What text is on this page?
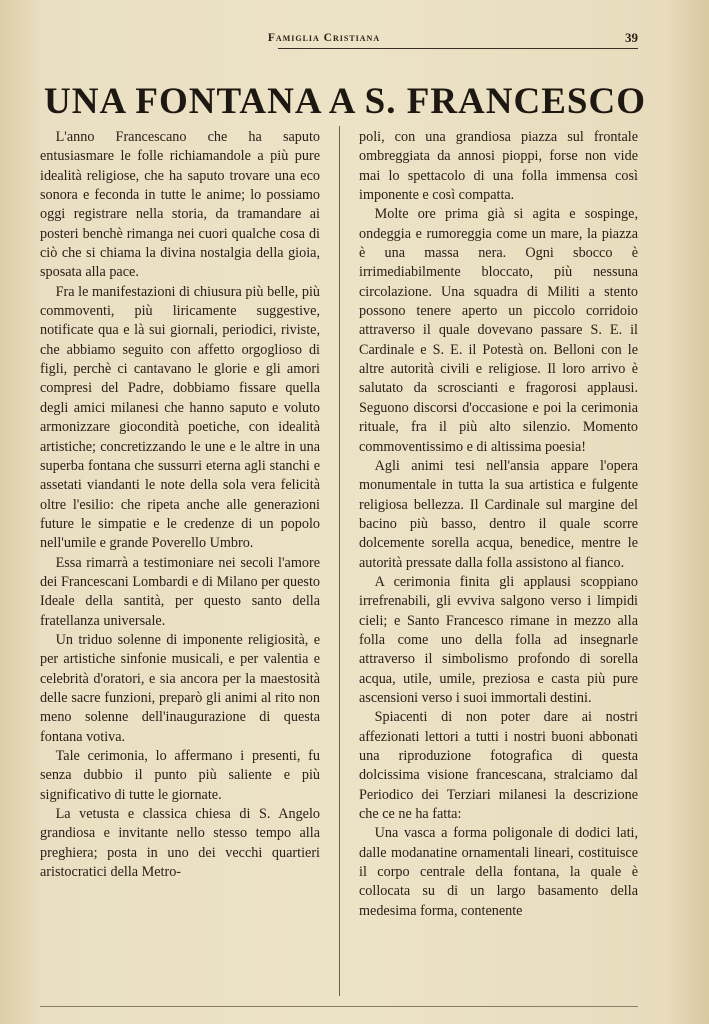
Famiglia Cristiana	39
UNA FONTANA A S. FRANCESCO

L'anno Francescano che ha saputo entusiasmare le folle richiamandole a più pure idealità religiose, che ha saputo trovare una eco sonora e feconda in tutte le anime; lo possiamo oggi registrare nella storia, da tramandare ai posteri benchè rimanga nei cuori qualche cosa di ciò che si chiama la divina nostalgia della gioia, sposata alla pace.

Fra le manifestazioni di chiusura più belle, più commoventi, più liricamente suggestive, notificate qua e là sui giornali, periodici, riviste, che abbiamo seguito con affetto orgoglioso di figli, perchè ci cantavano le glorie e gli amori compresi del Padre, dobbiamo fissare quella degli amici milanesi che hanno saputo e voluto armonizzare giocondità poetiche, con idealità artistiche; concretizzando le une e le altre in una superba fontana che sussurri eterna agli stanchi e assetati viandanti le note della sola vera felicità oltre l'esilio: che ripeta anche alle generazioni future le simpatie e le credenze di un popolo nell'umile e grande Poverello Umbro.

Essa rimarrà a testimoniare nei secoli l'amore dei Francescani Lombardi e di Milano per questo Ideale della santità, per questo santo della fratellanza universale.

Un triduo solenne di imponente religiosità, e per artistiche sinfonie musicali, e per valentia e celebrità d'oratori, e sia ancora per la maestosità delle sacre funzioni, preparò gli animi al rito non meno solenne dell'inaugurazione di questa fontana votiva.

Tale cerimonia, lo affermano i presenti, fu senza dubbio il punto più saliente e più significativo di tutte le giornate.

La vetusta e classica chiesa di S. Angelo grandiosa e invitante nello stesso tempo alla preghiera; posta in uno dei vecchi quartieri aristocratici della Metro-

poli, con una grandiosa piazza sul frontale ombreggiata da annosi pioppi, forse non vide mai lo spettacolo di una folla immensa così imponente e così compatta.

Molte ore prima già si agita e sospinge, ondeggia e rumoreggia come un mare, la piazza è una massa nera. Ogni sbocco è irrimediabilmente bloccato, più nessuna circolazione. Una squadra di Militi a stento possono tenere aperto un piccolo corridoio attraverso il quale dovevano passare S. E. il Cardinale e S. E. il Potestà on. Belloni con le altre autorità civili e religiose. Il loro arrivo è salutato da scroscianti e fragorosi applausi. Seguono discorsi d'occasione e poi la cerimonia rituale, fra il più alto silenzio. Momento commoventissimo e di altissima poesia!

Agli animi tesi nell'ansia appare l'opera monumentale in tutta la sua artistica e fulgente religiosa bellezza. Il Cardinale sul margine del bacino più basso, dentro il quale scorre dolcemente sorella acqua, benedice, mentre le autorità pressate dalla folla assistono al fianco.

A cerimonia finita gli applausi scoppiano irrefrenabili, gli evviva salgono verso i limpidi cieli; e Santo Francesco rimane in mezzo alla folla come uno della folla ad insegnarle attraverso il simbolismo profondo di sorella acqua, utile, umile, preziosa e casta più pure ascensioni verso i suoi immortali destini.

Spiacenti di non poter dare ai nostri affezionati lettori a tutti i nostri buoni abbonati una riproduzione fotografica di questa dolcissima visione francescana, stralciamo dal Periodico dei Terziari milanesi la descrizione che ce ne ha fatta:

Una vasca a forma poligonale di dodici lati, dalle modanatine ornamentali lineari, costituisce il corpo centrale della fontana, la quale è collocata su di un largo basamento della medesima forma, contenente
